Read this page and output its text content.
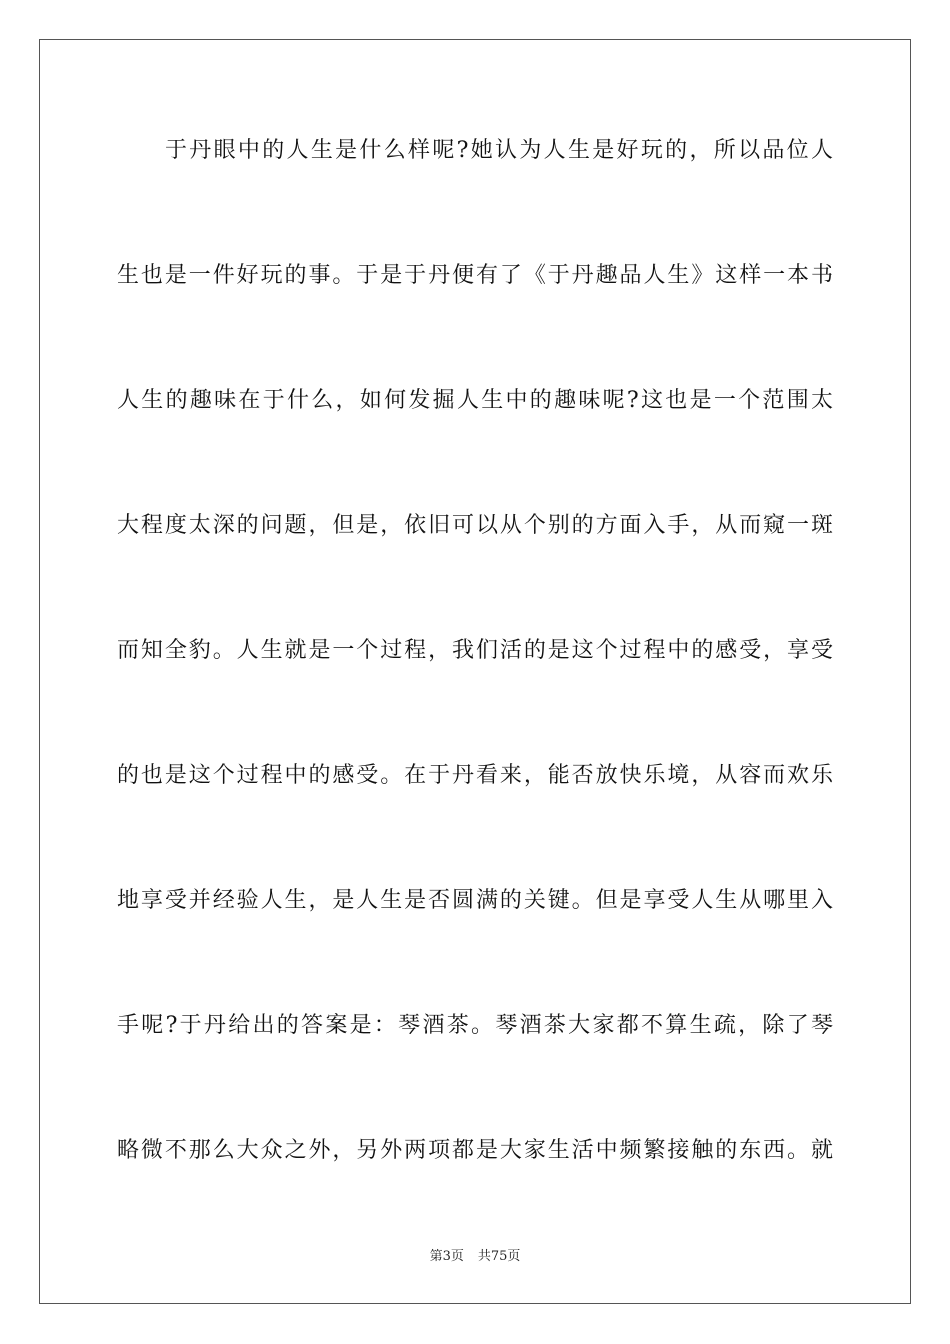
于丹眼中的人生是什么样呢?她认为人生是好玩的，所以品位人
生也是一件好玩的事。于是于丹便有了《于丹趣品人生》这样一本书
人生的趣味在于什么，如何发掘人生中的趣味呢?这也是一个范围太
大程度太深的问题，但是，依旧可以从个别的方面入手，从而窥一斑
而知全豹。人生就是一个过程，我们活的是这个过程中的感受，享受
的也是这个过程中的感受。在于丹看来，能否放快乐境，从容而欢乐
地享受并经验人生，是人生是否圆满的关键。但是享受人生从哪里入
手呢?于丹给出的答案是：琴酒茶。琴酒茶大家都不算生疏，除了琴
略微不那么大众之外，另外两项都是大家生活中频繁接触的东西。就
第3页 共75页
